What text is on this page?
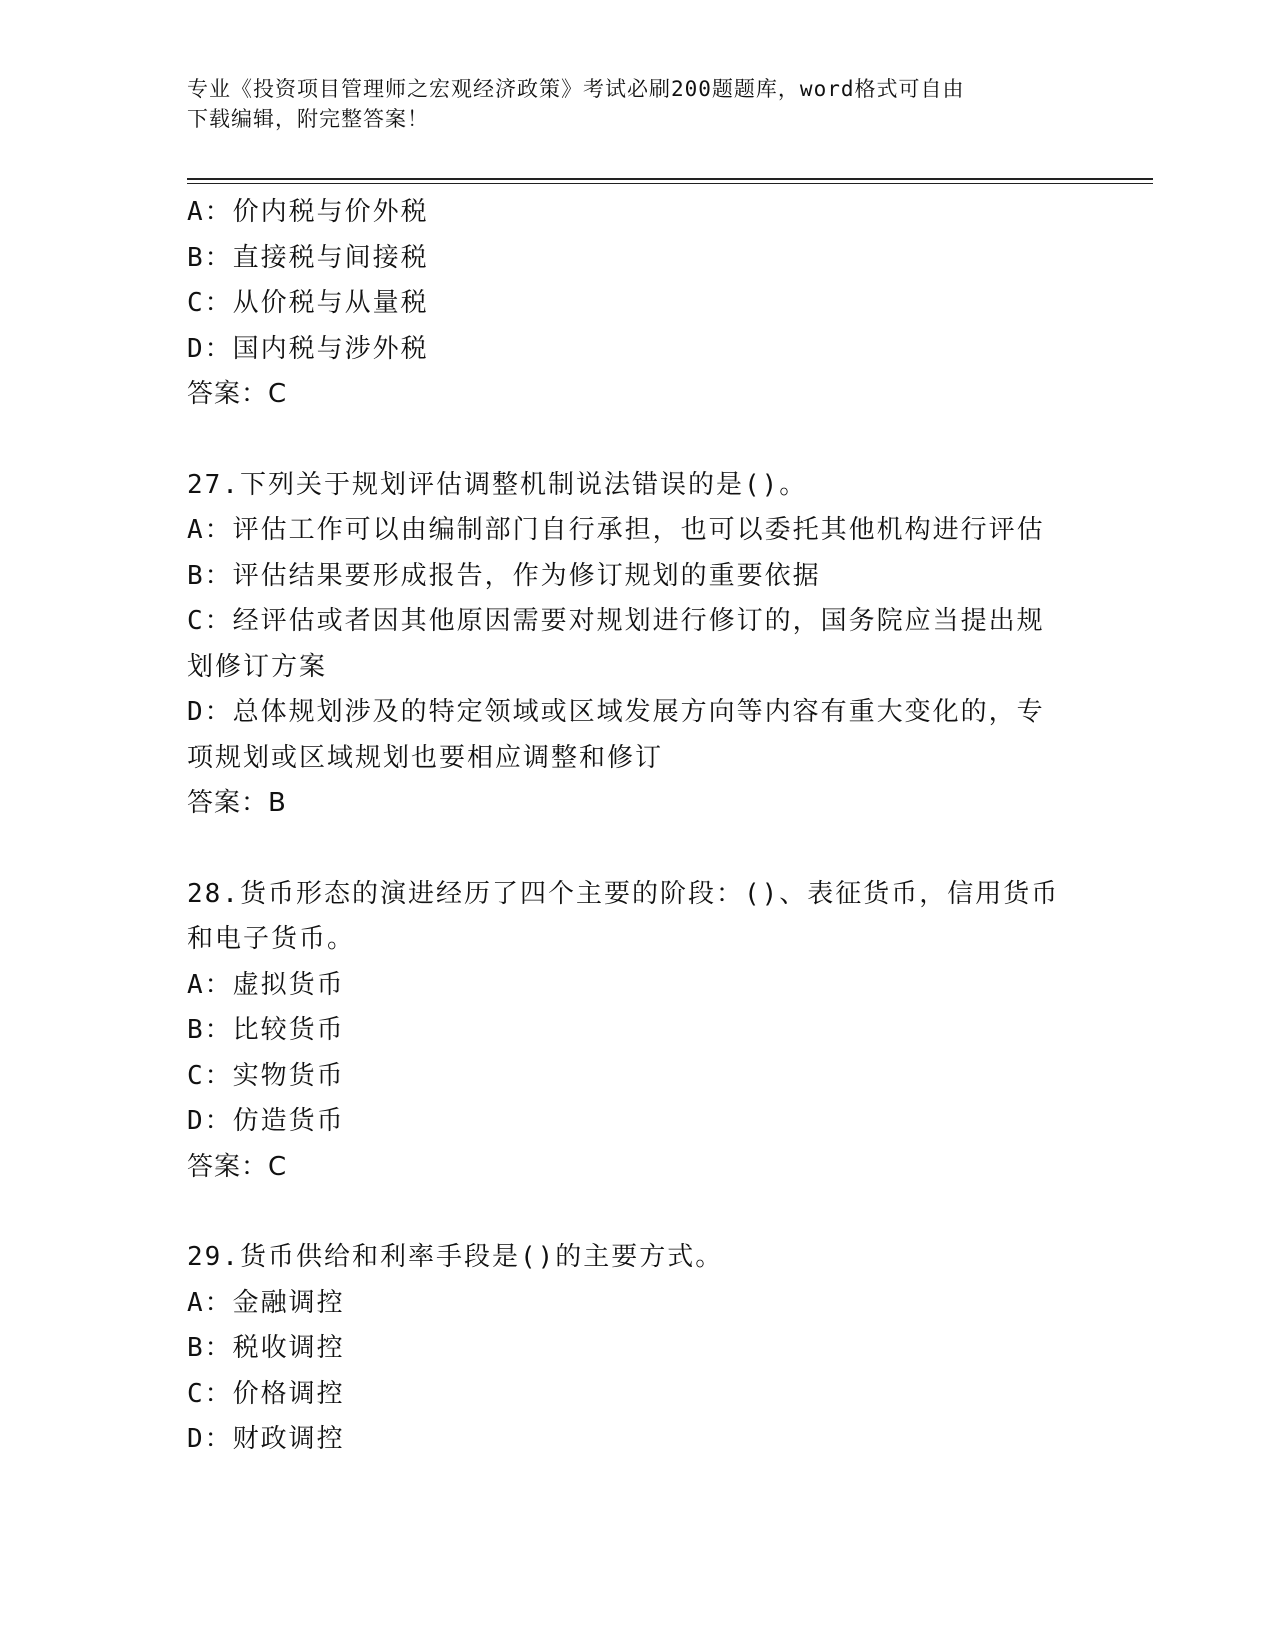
专业《投资项目管理师之宏观经济政策》考试必刷200题题库，word格式可自由
下载编辑，附完整答案！
A：价内税与价外税
B：直接税与间接税
C：从价税与从量税
D：国内税与涉外税
答案：C
27.下列关于规划评估调整机制说法错误的是()。
A：评估工作可以由编制部门自行承担，也可以委托其他机构进行评估
B：评估结果要形成报告，作为修订规划的重要依据
C：经评估或者因其他原因需要对规划进行修订的，国务院应当提出规
划修订方案
D：总体规划涉及的特定领域或区域发展方向等内容有重大变化的，专
项规划或区域规划也要相应调整和修订
答案：B
28.货币形态的演进经历了四个主要的阶段：()、表征货币，信用货币
和电子货币。
A：虚拟货币
B：比较货币
C：实物货币
D：仿造货币
答案：C
29.货币供给和利率手段是()的主要方式。
A：金融调控
B：税收调控
C：价格调控
D：财政调控
